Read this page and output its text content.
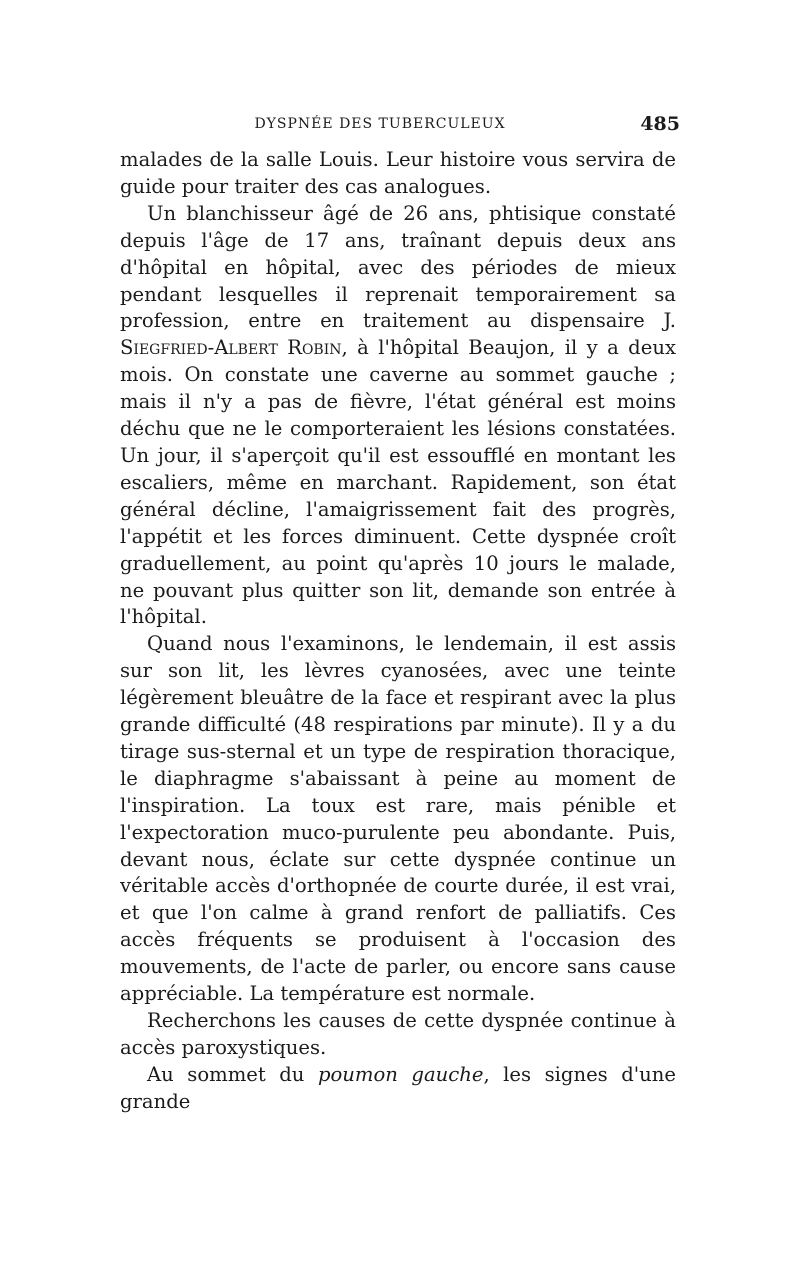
DYSPNÉE DES TUBERCULEUX	485

malades de la salle Louis. Leur histoire vous servira de guide pour traiter des cas analogues.

Un blanchisseur âgé de 26 ans, phtisique constaté depuis l'âge de 17 ans, traînant depuis deux ans d'hôpital en hôpital, avec des périodes de mieux pendant lesquelles il reprenait temporairement sa profession, entre en traitement au dispensaire J. Siegfried-Albert Robin, à l'hôpital Beaujon, il y a deux mois. On constate une caverne au sommet gauche ; mais il n'y a pas de fièvre, l'état général est moins déchu que ne le comporteraient les lésions constatées. Un jour, il s'aperçoit qu'il est essoufflé en montant les escaliers, même en marchant. Rapidement, son état général décline, l'amaigrissement fait des progrès, l'appétit et les forces diminuent. Cette dyspnée croît graduellement, au point qu'après 10 jours le malade, ne pouvant plus quitter son lit, demande son entrée à l'hôpital.

Quand nous l'examinons, le lendemain, il est assis sur son lit, les lèvres cyanosées, avec une teinte légèrement bleuâtre de la face et respirant avec la plus grande difficulté (48 respirations par minute). Il y a du tirage sus-sternal et un type de respiration thoracique, le diaphragme s'abaissant à peine au moment de l'inspiration. La toux est rare, mais pénible et l'expectoration muco-purulente peu abondante. Puis, devant nous, éclate sur cette dyspnée continue un véritable accès d'orthopnée de courte durée, il est vrai, et que l'on calme à grand renfort de palliatifs. Ces accès fréquents se produisent à l'occasion des mouvements, de l'acte de parler, ou encore sans cause appréciable. La température est normale.

Recherchons les causes de cette dyspnée continue à accès paroxystiques.

Au sommet du poumon gauche, les signes d'une grande
